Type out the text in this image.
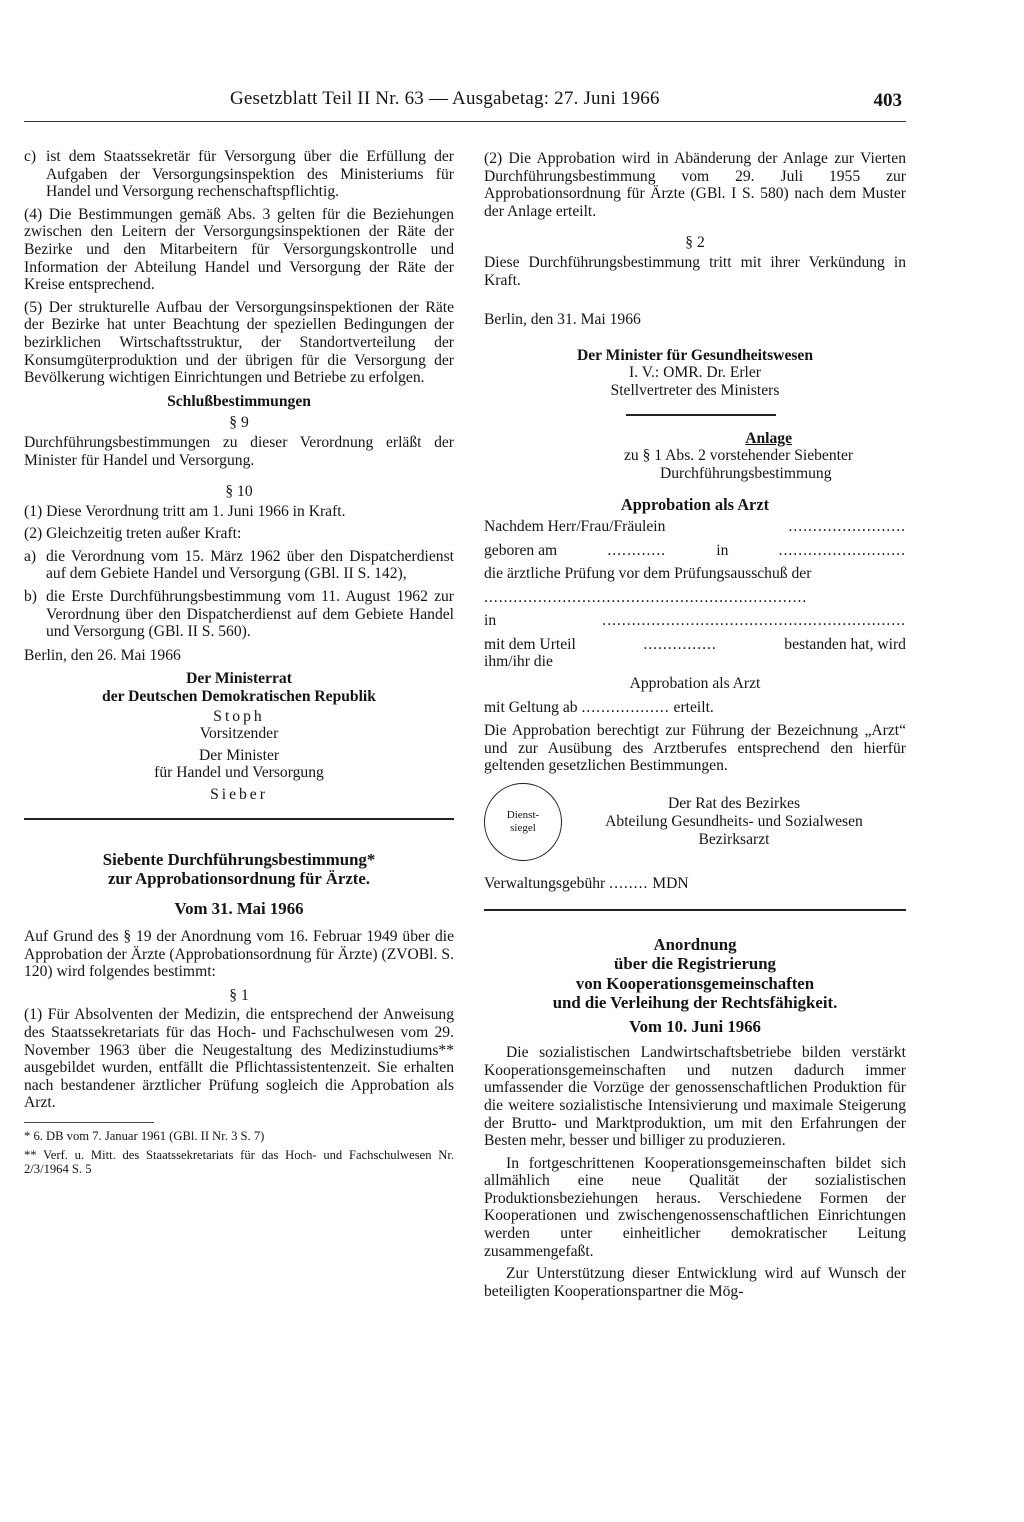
Gesetzblatt Teil II Nr. 63 — Ausgabetag: 27. Juni 1966	403
c) ist dem Staatssekretär für Versorgung über die Erfüllung der Aufgaben der Versorgungsinspektion des Ministeriums für Handel und Versorgung rechenschaftspflichtig.

(4) Die Bestimmungen gemäß Abs. 3 gelten für die Beziehungen zwischen den Leitern der Versorgungsinspektionen der Räte der Bezirke und den Mitarbeitern für Versorgungskontrolle und Information der Abteilung Handel und Versorgung der Räte der Kreise entsprechend.

(5) Der strukturelle Aufbau der Versorgungsinspektionen der Räte der Bezirke hat unter Beachtung der speziellen Bedingungen der bezirklichen Wirtschaftsstruktur, der Standortverteilung der Konsumgüterproduktion und der übrigen für die Versorgung der Bevölkerung wichtigen Einrichtungen und Betriebe zu erfolgen.

Schlußbestimmungen
§ 9

Durchführungsbestimmungen zu dieser Verordnung erläßt der Minister für Handel und Versorgung.

§ 10

(1) Diese Verordnung tritt am 1. Juni 1966 in Kraft.

(2) Gleichzeitig treten außer Kraft:

a) die Verordnung vom 15. März 1962 über den Dispatcherdienst auf dem Gebiete Handel und Versorgung (GBl. II S. 142),
b) die Erste Durchführungsbestimmung vom 11. August 1962 zur Verordnung über den Dispatcherdienst auf dem Gebiete Handel und Versorgung (GBl. II S. 560).

Berlin, den 26. Mai 1966

Der Ministerrat
der Deutschen Demokratischen Republik
Stoph
Vorsitzender
Der Minister
für Handel und Versorgung
Sieber
Siebente Durchführungsbestimmung*
zur Approbationsordnung für Ärzte.
Vom 31. Mai 1966

Auf Grund des § 19 der Anordnung vom 16. Februar 1949 über die Approbation der Ärzte (Approbationsordnung für Ärzte) (ZVOBl. S. 120) wird folgendes bestimmt:

§ 1

(1) Für Absolventen der Medizin, die entsprechend der Anweisung des Staatssekretariats für das Hoch- und Fachschulwesen vom 29. November 1963 über die Neugestaltung des Medizinstudiums** ausgebildet wurden, entfällt die Pflichtassistentenzeit. Sie erhalten nach bestandener ärztlicher Prüfung sogleich die Approbation als Arzt.

* 6. DB vom 7. Januar 1961 (GBl. II Nr. 3 S. 7)

** Verf. u. Mitt. des Staatssekretariats für das Hoch- und Fachschulwesen Nr. 2/3/1964 S. 5

(2) Die Approbation wird in Abänderung der Anlage zur Vierten Durchführungsbestimmung vom 29. Juli 1955 zur Approbationsordnung für Ärzte (GBl. I S. 580) nach dem Muster der Anlage erteilt.

§ 2

Diese Durchführungsbestimmung tritt mit ihrer Verkündung in Kraft.

Berlin, den 31. Mai 1966

Der Minister für Gesundheitswesen
I. V.: OMR. Dr. Erler
Stellvertreter des Ministers
Anlage
zu § 1 Abs. 2 vorstehender Siebenter
Durchführungsbestimmung
Approbation als Arzt
Nachdem Herr/Frau/Fräulein	........................
geboren am	............	in	..........................
die ärztliche Prüfung vor dem Prüfungsausschuß der
..................................................................
in	..............................................................
mit dem Urteil	...............	bestanden hat, wird
ihm/ihr die
Approbation als Arzt
mit Geltung ab .................. erteilt.

Die Approbation berechtigt zur Führung der Bezeichnung „Arzt“ und zur Ausübung des Arztberufes entsprechend den hierfür geltenden gesetzlichen Bestimmungen.

Dienst-
siegel
Der Rat des Bezirkes
Abteilung Gesundheits- und Sozialwesen
Bezirksarzt
Verwaltungsgebühr ........ MDN
Anordnung
über die Registrierung
von Kooperationsgemeinschaften
und die Verleihung der Rechtsfähigkeit.
Vom 10. Juni 1966

Die sozialistischen Landwirtschaftsbetriebe bilden verstärkt Kooperationsgemeinschaften und nutzen dadurch immer umfassender die Vorzüge der genossenschaftlichen Produktion für die weitere sozialistische Intensivierung und maximale Steigerung der Brutto- und Marktproduktion, um mit den Erfahrungen der Besten mehr, besser und billiger zu produzieren.

In fortgeschrittenen Kooperationsgemeinschaften bildet sich allmählich eine neue Qualität der sozialistischen Produktionsbeziehungen heraus. Verschiedene Formen der Kooperationen und zwischengenossenschaftlichen Einrichtungen werden unter einheitlicher demokratischer Leitung zusammengefaßt.

Zur Unterstützung dieser Entwicklung wird auf Wunsch der beteiligten Kooperationspartner die Mög-
